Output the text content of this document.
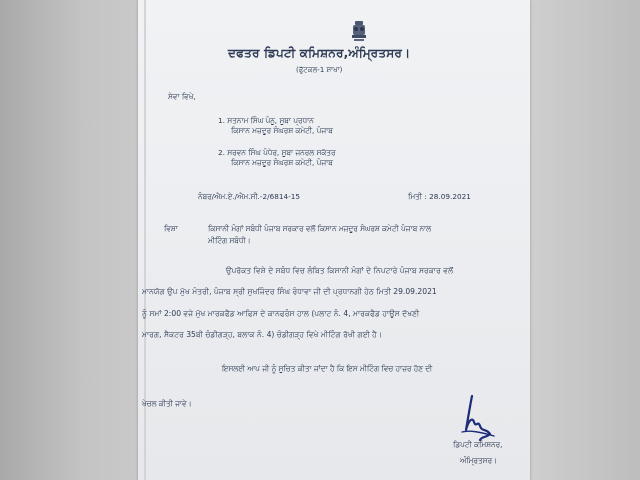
ਦਫਤਰ ਡਿਪਟੀ ਕਮਿਸ਼ਨਰ,ਅੰਮ੍ਰਿਤਸਰ।
(ਫੁੱਟਕਲ-1 ਸ਼ਾਖਾ)
ਸੇਵਾ ਵਿਖੇ,
1. ਸਤਨਾਮ ਸਿੰਘ ਪੰਨੂ, ਸੂਬਾ ਪ੍ਰਧਾਨ
ਕਿਸਾਨ ਮਜ਼ਦੂਰ ਸੰਘਰਸ਼ ਕਮੇਟੀ, ਪੰਜਾਬ
2. ਸਰਵਨ ਸਿੰਘ ਪੰਧੇਰ, ਸੂਬਾ ਜਨਰਲ ਸਕੱਤਰ
ਕਿਸਾਨ ਮਜ਼ਦੂਰ ਸੰਘਰਸ਼ ਕਮੇਟੀ, ਪੰਜਾਬ
ਨੰਬਰ/ਐਮ.ਏ./ਐਮ.ਸੀ.-2/6814-15	ਮਿਤੀ : 28.09.2021
ਵਿਸ਼ਾ	ਕਿਸਾਨੀ ਮੰਗਾਂ ਸਬੰਧੀ ਪੰਜਾਬ ਸਰਕਾਰ ਵਲੋਂ ਕਿਸਾਨ ਮਜ਼ਦੂਰ ਸੰਘਰਸ਼ ਕਮੇਟੀ ਪੰਜਾਬ ਨਾਲ
ਮੀਟਿੰਗ ਸਬੰਧੀ।
ਉਪਰੋਕਤ ਵਿਸ਼ੇ ਦੇ ਸਬੰਧ ਵਿਚ ਲੰਬਿਤ ਕਿਸਾਨੀ ਮੰਗਾਂ ਦੇ ਨਿਪਟਾਰੇ ਪੰਜਾਬ ਸਰਕਾਰ ਵਲੋਂ
ਮਾਨਯੋਗ ਉਪ ਮੁੱਖ ਮੰਤਰੀ, ਪੰਜਾਬ ਸ੍ਰੀ ਸੁਖਜਿੰਦਰ ਸਿੰਘ ਰੰਧਾਵਾ ਜੀ ਦੀ ਪ੍ਰਧਾਨਗੀ ਹੇਠ ਮਿਤੀ 29.09.2021
ਨੂੰ ਸਮਾਂ 2:00 ਵਜੇ ਮੁੱਖ ਮਾਰਕਫੈਡ ਆਫਿਸ ਦੇ ਕਾਨਫਰੰਸ ਹਾਲ (ਪਲਾਟ ਨੰ. 4, ਮਾਰਕਫੈਡ ਹਾਊਸ ਦੱਖਣੀ
ਮਾਰਗ, ਸੈਕਟਰ 35ਬੀ ਚੰਡੀਗੜ੍ਹ, ਬਲਾਕ ਨੰ. 4) ਚੰਡੀਗੜ੍ਹ ਵਿਖੇ ਮੀਟਿੰਗ ਰੱਖੀ ਗਈ ਹੈ।
ਇਸਲਈ ਆਪ ਜੀ ਨੂੰ ਸੂਚਿਤ ਕੀਤਾ ਜਾਂਦਾ ਹੈ ਕਿ ਇਸ ਮੀਟਿੰਗ ਵਿਚ ਹਾਜ਼ਰ ਹੋਣ ਦੀ
ਖੇਚਲ ਕੀਤੀ ਜਾਵੇ।
ਡਿਪਟੀ ਕਮਿਸ਼ਨਰ,
ਅੰਮ੍ਰਿਤਸਰ।
